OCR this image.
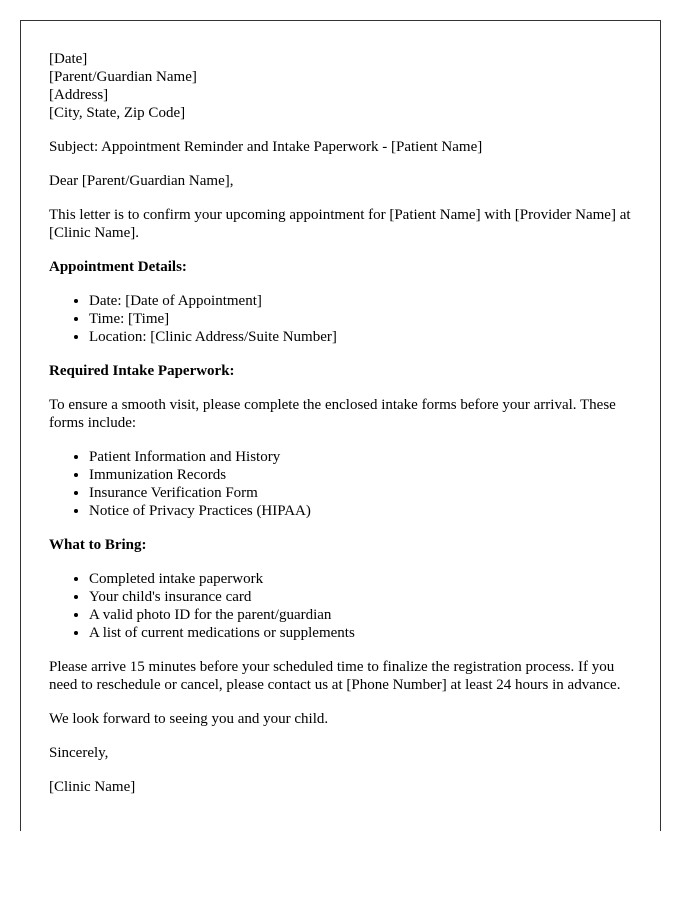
[Date]
[Parent/Guardian Name]
[Address]
[City, State, Zip Code]

Subject: Appointment Reminder and Intake Paperwork - [Patient Name]

Dear [Parent/Guardian Name],

This letter is to confirm your upcoming appointment for [Patient Name] with [Provider Name] at [Clinic Name].

Appointment Details:
• Date: [Date of Appointment]
• Time: [Time]
• Location: [Clinic Address/Suite Number]
Required Intake Paperwork:

To ensure a smooth visit, please complete the enclosed intake forms before your arrival. These forms include:

• Patient Information and History
• Immunization Records
• Insurance Verification Form
• Notice of Privacy Practices (HIPAA)
What to Bring:
• Completed intake paperwork
• Your child's insurance card
• A valid photo ID for the parent/guardian
• A list of current medications or supplements

Please arrive 15 minutes before your scheduled time to finalize the registration process. If you need to reschedule or cancel, please contact us at [Phone Number] at least 24 hours in advance.

We look forward to seeing you and your child.

Sincerely,

[Clinic Name]
